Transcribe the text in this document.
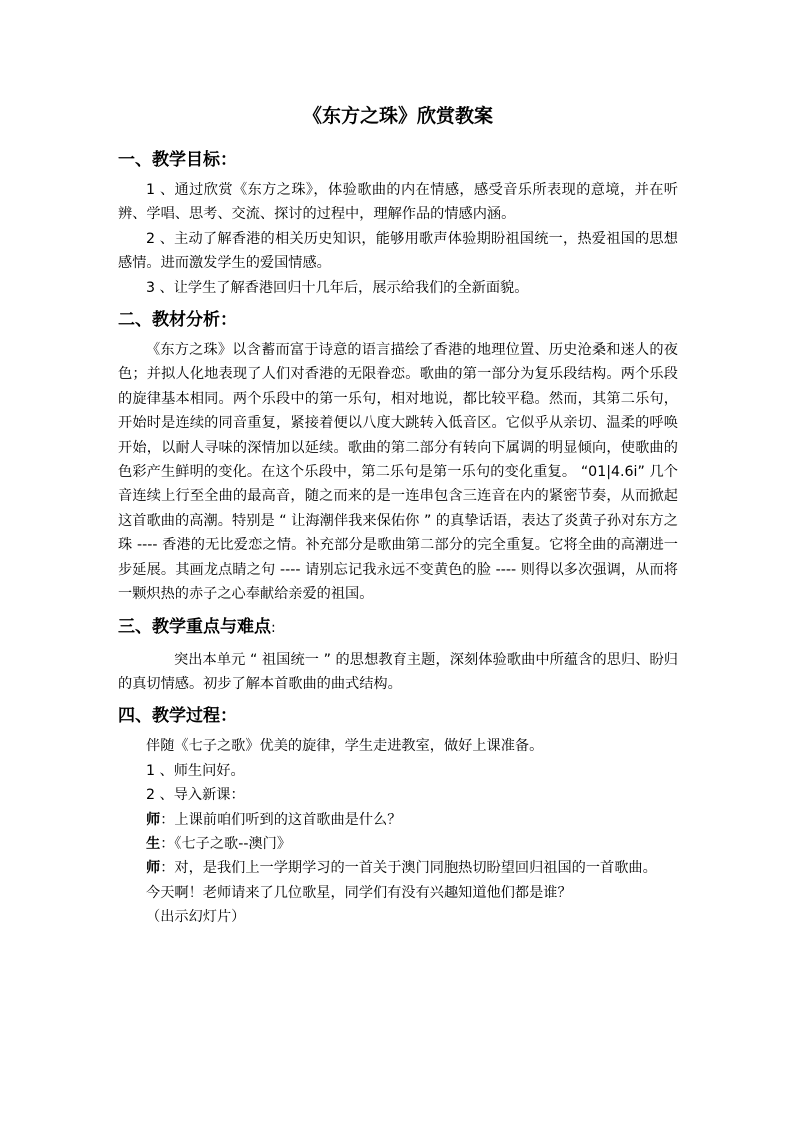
《东方之珠》欣赏教案
一、教学目标：

1 、通过欣赏《东方之珠》，体验歌曲的内在情感，感受音乐所表现的意境，并在听辨、学唱、思考、交流、探讨的过程中，理解作品的情感内涵。

2 、主动了解香港的相关历史知识，能够用歌声体验期盼祖国统一，热爱祖国的思想感情。进而激发学生的爱国情感。

3 、让学生了解香港回归十几年后，展示给我们的全新面貌。

二、教材分析：

《东方之珠》以含蓄而富于诗意的语言描绘了香港的地理位置、历史沧桑和迷人的夜色；并拟人化地表现了人们对香港的无限眷恋。歌曲的第一部分为复乐段结构。两个乐段的旋律基本相同。两个乐段中的第一乐句，相对地说，都比较平稳。然而，其第二乐句，开始时是连续的同音重复，紧接着便以八度大跳转入低音区。它似乎从亲切、温柔的呼唤开始，以耐人寻味的深情加以延续。歌曲的第二部分有转向下属调的明显倾向，使歌曲的色彩产生鲜明的变化。在这个乐段中，第二乐句是第一乐句的变化重复。 “01|4.6i” 几个音连续上行至全曲的最高音，随之而来的是一连串包含三连音在内的紧密节奏，从而掀起这首歌曲的高潮。特别是 “ 让海潮伴我来保佑你 ” 的真挚话语，表达了炎黄子孙对东方之珠 ---- 香港的无比爱恋之情。补充部分是歌曲第二部分的完全重复。它将全曲的高潮进一步延展。其画龙点睛之句 ---- 请别忘记我永远不变黄色的脸 ---- 则得以多次强调，从而将一颗炽热的赤子之心奉献给亲爱的祖国。

三、教学重点与难点:

突出本单元 “ 祖国统一 ” 的思想教育主题，深刻体验歌曲中所蕴含的思归、盼归的真切情感。初步了解本首歌曲的曲式结构。

四、教学过程：

伴随《七子之歌》优美的旋律，学生走进教室，做好上课准备。

1 、师生问好。

2 、导入新课：

师：上课前咱们听到的这首歌曲是什么？

生：《七子之歌--澳门》

师：对，是我们上一学期学习的一首关于澳门同胞热切盼望回归祖国的一首歌曲。

今天啊！老师请来了几位歌星，同学们有没有兴趣知道他们都是谁？

（出示幻灯片）
